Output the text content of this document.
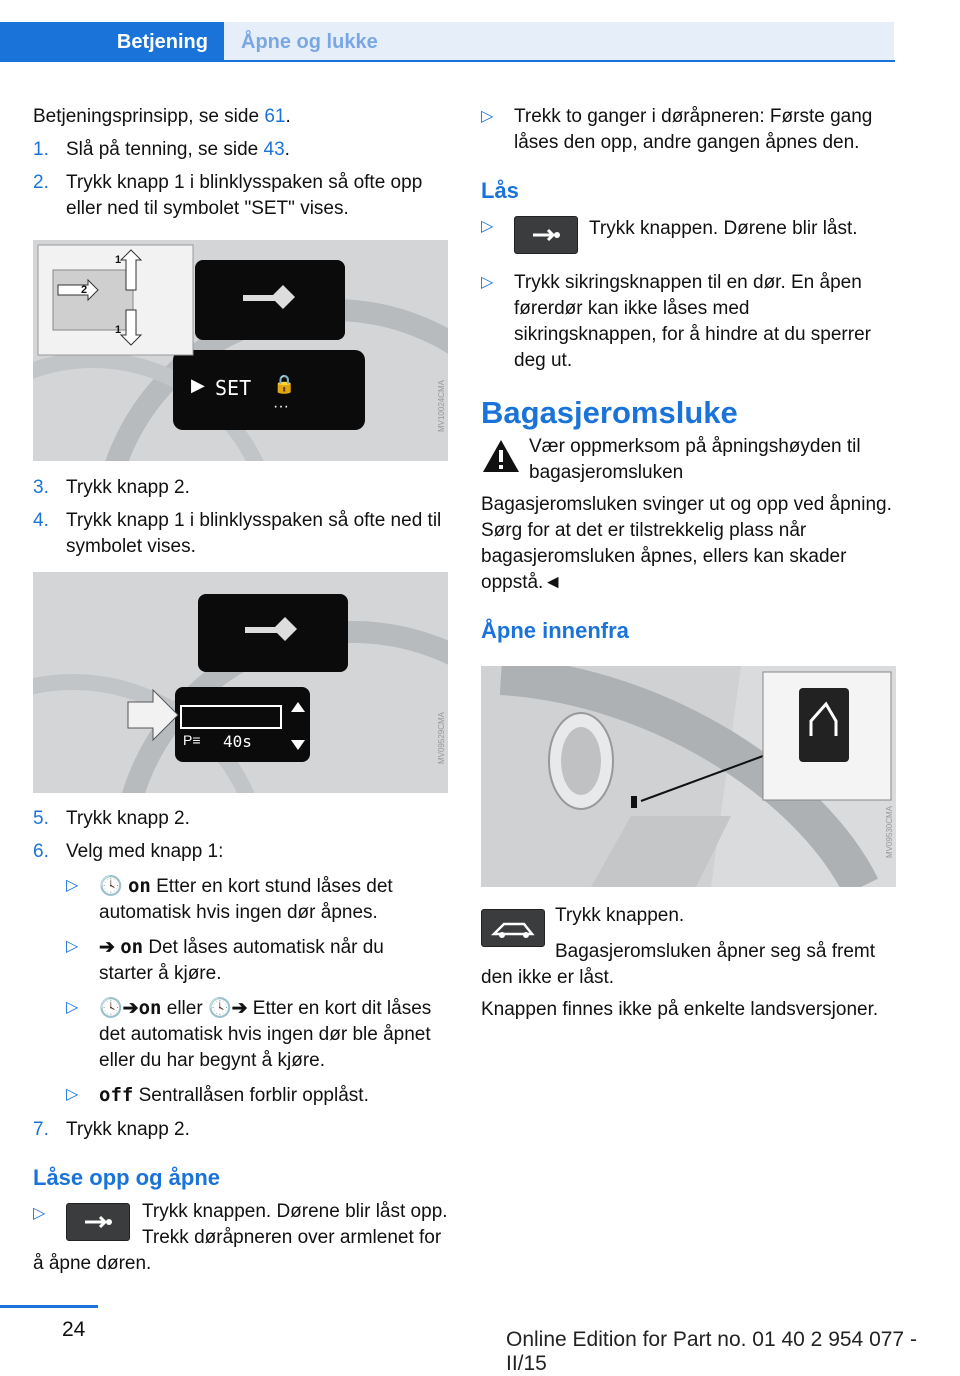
Betjening	Åpne og lukke

Betjeningsprinsipp, se side 61.

1. Slå på tenning, se side 43.
2. Trykk knapp 1 i blinklysspaken så ofte opp eller ned til symbolet "SET" vises.
1
2
1
▶ SET 🔒
···	MV10024CMA
3. Trykk knapp 2.
4. Trykk knapp 1 i blinklysspaken så ofte ned til symbolet vises.
P≡ 40s	MV09529CMA
5. Trykk knapp 2.
6. Velg med knapp 1:
▷ 🕓 on Etter en kort stund låses det automatisk hvis ingen dør åpnes.
▷ ➔ on Det låses automatisk når du starter å kjøre.
▷ 🕓➔on eller 🕓➔ Etter en kort dit låses det automatisk hvis ingen dør ble åpnet eller du har begynt å kjøre.
▷ off Sentrallåsen forblir opplåst.
7. Trykk knapp 2.
Låse opp og åpne
▷	Trykk knappen. Dørene blir låst opp. Trekk døråpneren over armlenet for å åpne døren.
▷ Trekk to ganger i døråpneren: Første gang låses den opp, andre gangen åpnes den.
Lås
▷	Trykk knappen. Dørene blir låst.
▷ Trykk sikringsknappen til en dør. En åpen førerdør kan ikke låses med sikringsknappen, for å hindre at du sperrer deg ut.
Bagasjeromsluke
Vær oppmerksom på åpningshøyden til bagasjeromsluken

Bagasjeromsluken svinger ut og opp ved åpning. Sørg for at det er tilstrekkelig plass når bagasjeromsluken åpnes, ellers kan skader oppstå.◄

Åpne innenfra
MV09530CMA
Trykk knappen.

Bagasjeromsluken åpner seg så fremt den ikke er låst.

Knappen finnes ikke på enkelte landsversjoner.

24	Online Edition for Part no. 01 40 2 954 077 - II/15
